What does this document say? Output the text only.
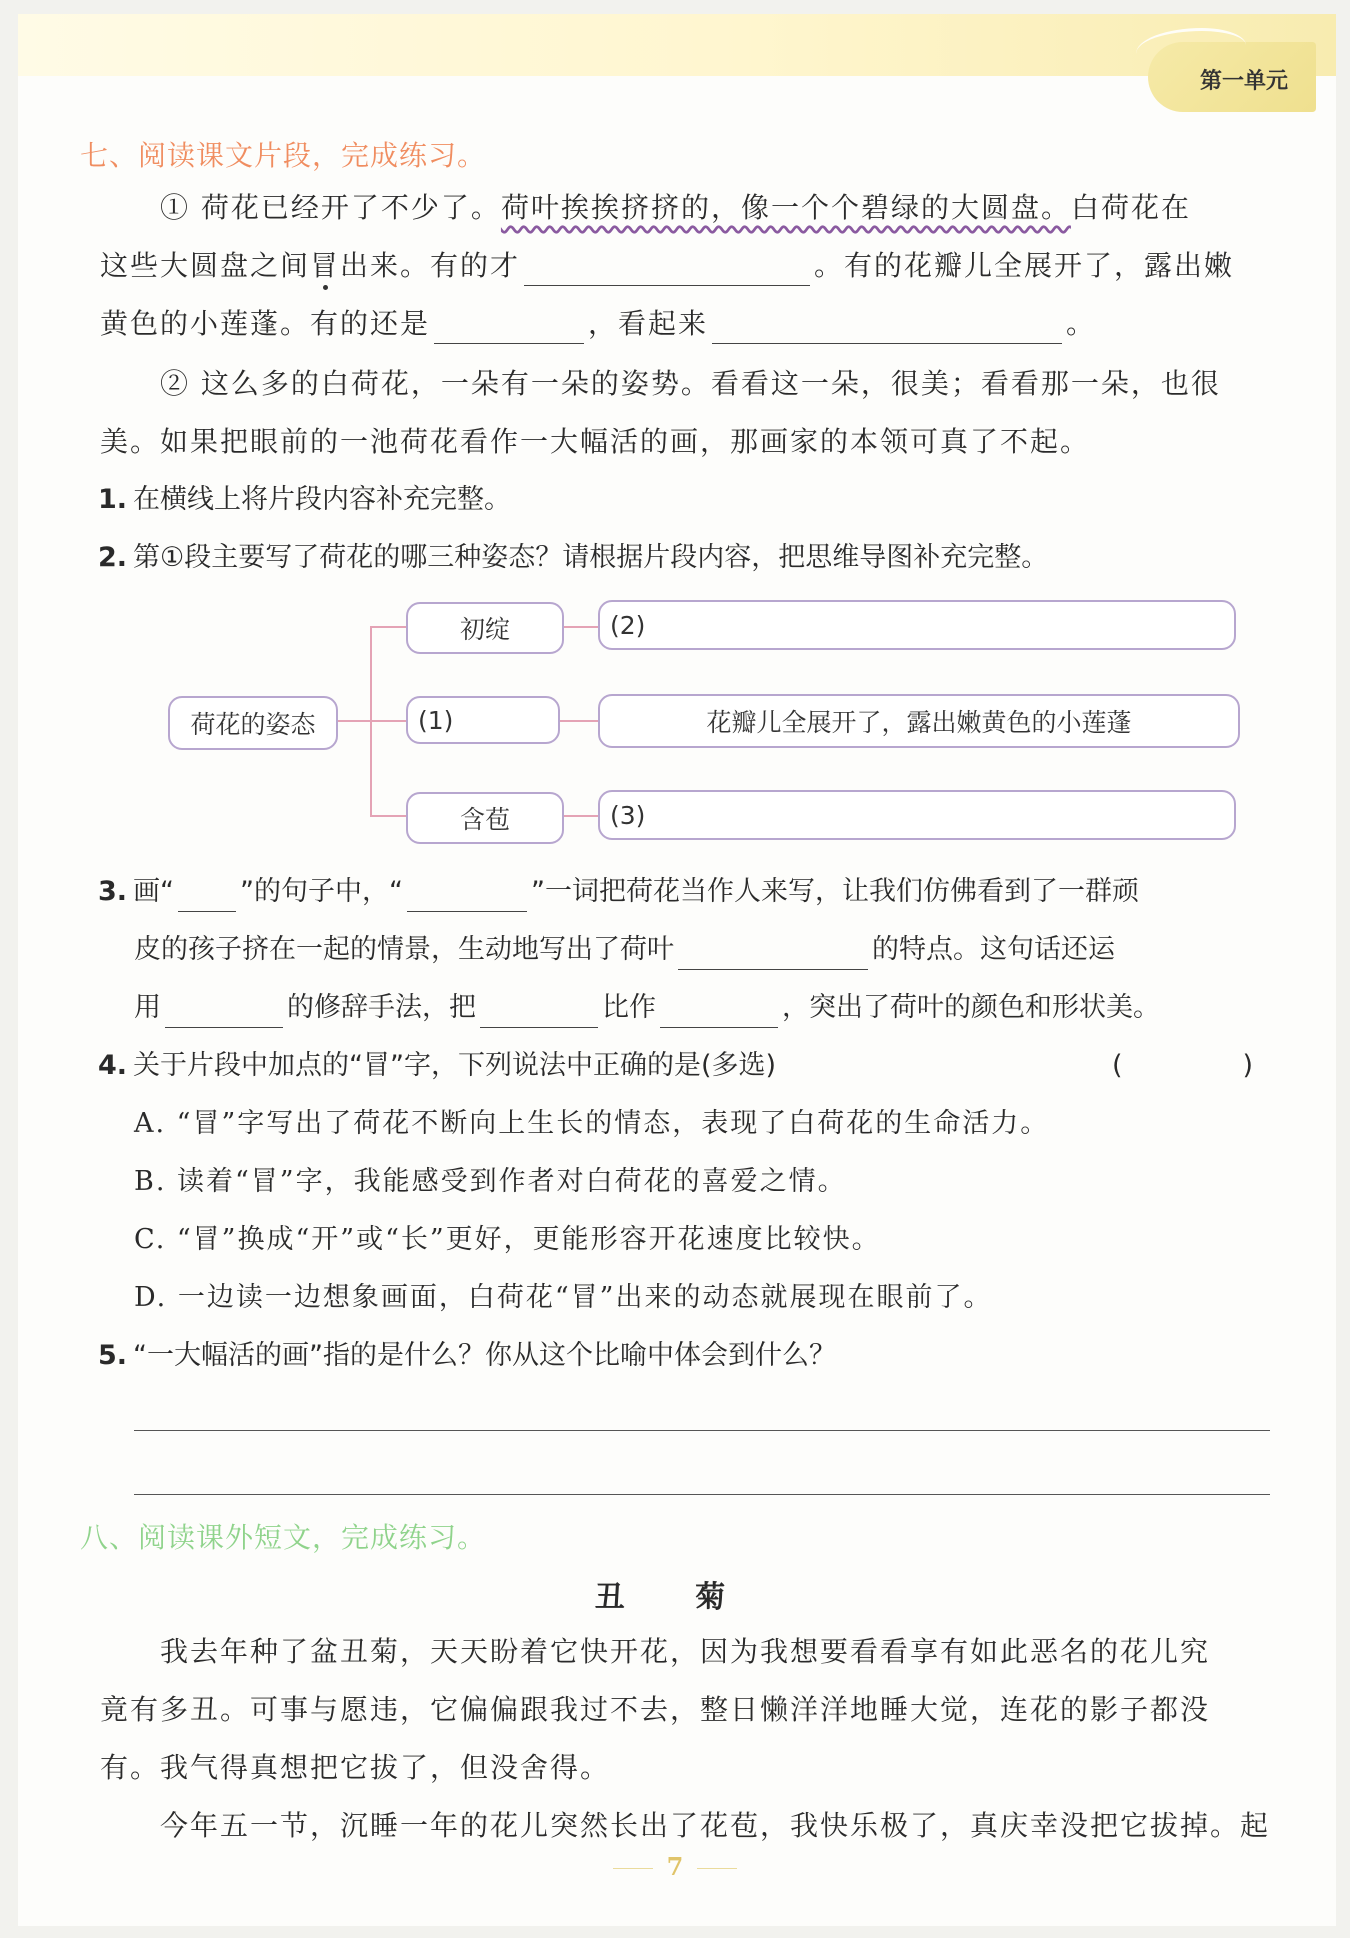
第一单元
七、阅读课文片段，完成练习。
① 荷花已经开了不少了。荷叶挨挨挤挤的，像一个个碧绿的大圆盘。白荷花在
这些大圆盘之间冒出来。有的才	。有的花瓣儿全展开了，露出嫩
黄色的小莲蓬。有的还是	，看起来	。
② 这么多的白荷花，一朵有一朵的姿势。看看这一朵，很美；看看那一朵，也很
美。如果把眼前的一池荷花看作一大幅活的画，那画家的本领可真了不起。
1. 在横线上将片段内容补充完整。
2. 第①段主要写了荷花的哪三种姿态？请根据片段内容，把思维导图补充完整。
荷花的姿态
初绽	(2)
(1)	花瓣儿全展开了，露出嫩黄色的小莲蓬
含苞	(3)
3. 画“ ”的句子中，“	”一词把荷花当作人来写，让我们仿佛看到了一群顽
皮的孩子挤在一起的情景，生动地写出了荷叶	的特点。这句话还运
用	的修辞手法，把	比作	，突出了荷叶的颜色和形状美。
4. 关于片段中加点的“冒”字，下列说法中正确的是(多选)	(	)
A. “冒”字写出了荷花不断向上生长的情态，表现了白荷花的生命活力。
B. 读着“冒”字，我能感受到作者对白荷花的喜爱之情。
C. “冒”换成“开”或“长”更好，更能形容开花速度比较快。
D. 一边读一边想象画面，白荷花“冒”出来的动态就展现在眼前了。
5. “一大幅活的画”指的是什么？你从这个比喻中体会到什么？
八、阅读课外短文，完成练习。
丑 菊
我去年种了盆丑菊，天天盼着它快开花，因为我想要看看享有如此恶名的花儿究
竟有多丑。可事与愿违，它偏偏跟我过不去，整日懒洋洋地睡大觉，连花的影子都没
有。我气得真想把它拔了，但没舍得。
今年五一节，沉睡一年的花儿突然长出了花苞，我快乐极了，真庆幸没把它拔掉。起
7
